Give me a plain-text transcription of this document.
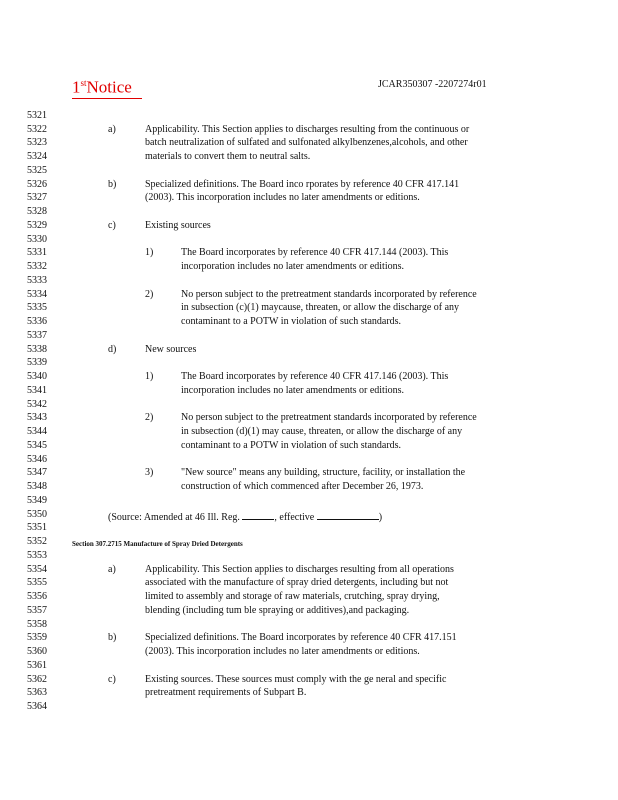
1stNotice	JCAR350307 -2207274r01
5321
5322
5323
5324
5325
5326
5327
5328
5329
5330
5331
5332
5333
5334
5335
5336
5337
5338
5339
5340
5341
5342
5343
5344
5345
5346
5347
5348
5349
5350
5351
5352
5353
5354
5355
5356
5357
5358
5359
5360
5361
5362
5363
5364
a)	Applicability. This Section applies to discharges resulting from the continuous or
batch neutralization of sulfated and sulfonated alkylbenzenes,alcohols, and other
materials to convert them to neutral salts.
b)	Specialized definitions. The Board inco rporates by reference 40 CFR 417.141
(2003). This incorporation includes no later amendments or editions.
c)	Existing sources
1)	The Board incorporates by reference 40 CFR 417.144 (2003). This
incorporation includes no later amendments or editions.
2)	No person subject to the pretreatment standards incorporated by reference
in subsection (c)(1) maycause, threaten, or allow the discharge of any
contaminant to a POTW in violation of such standards.
d)	New sources
1)	The Board incorporates by reference 40 CFR 417.146 (2003). This
incorporation includes no later amendments or editions.
2)	No person subject to the pretreatment standards incorporated by reference
in subsection (d)(1) may cause, threaten, or allow the discharge of any
contaminant to a POTW in violation of such standards.
3)	"New source" means any building, structure, facility, or installation the
construction of which commenced after December 26, 1973.
(Source: Amended at 46 Ill. Reg.	, effective	)
Section 307.2715 Manufacture of Spray Dried Detergents
a)	Applicability. This Section applies to discharges resulting from all operations
associated with the manufacture of spray dried detergents, including but not
limited to assembly and storage of raw materials, crutching, spray drying,
blending (including tum ble spraying or additives),and packaging.
b)	Specialized definitions. The Board incorporates by reference 40 CFR 417.151
(2003). This incorporation includes no later amendments or editions.
c)	Existing sources. These sources must comply with the ge neral and specific
pretreatment requirements of Subpart B.
